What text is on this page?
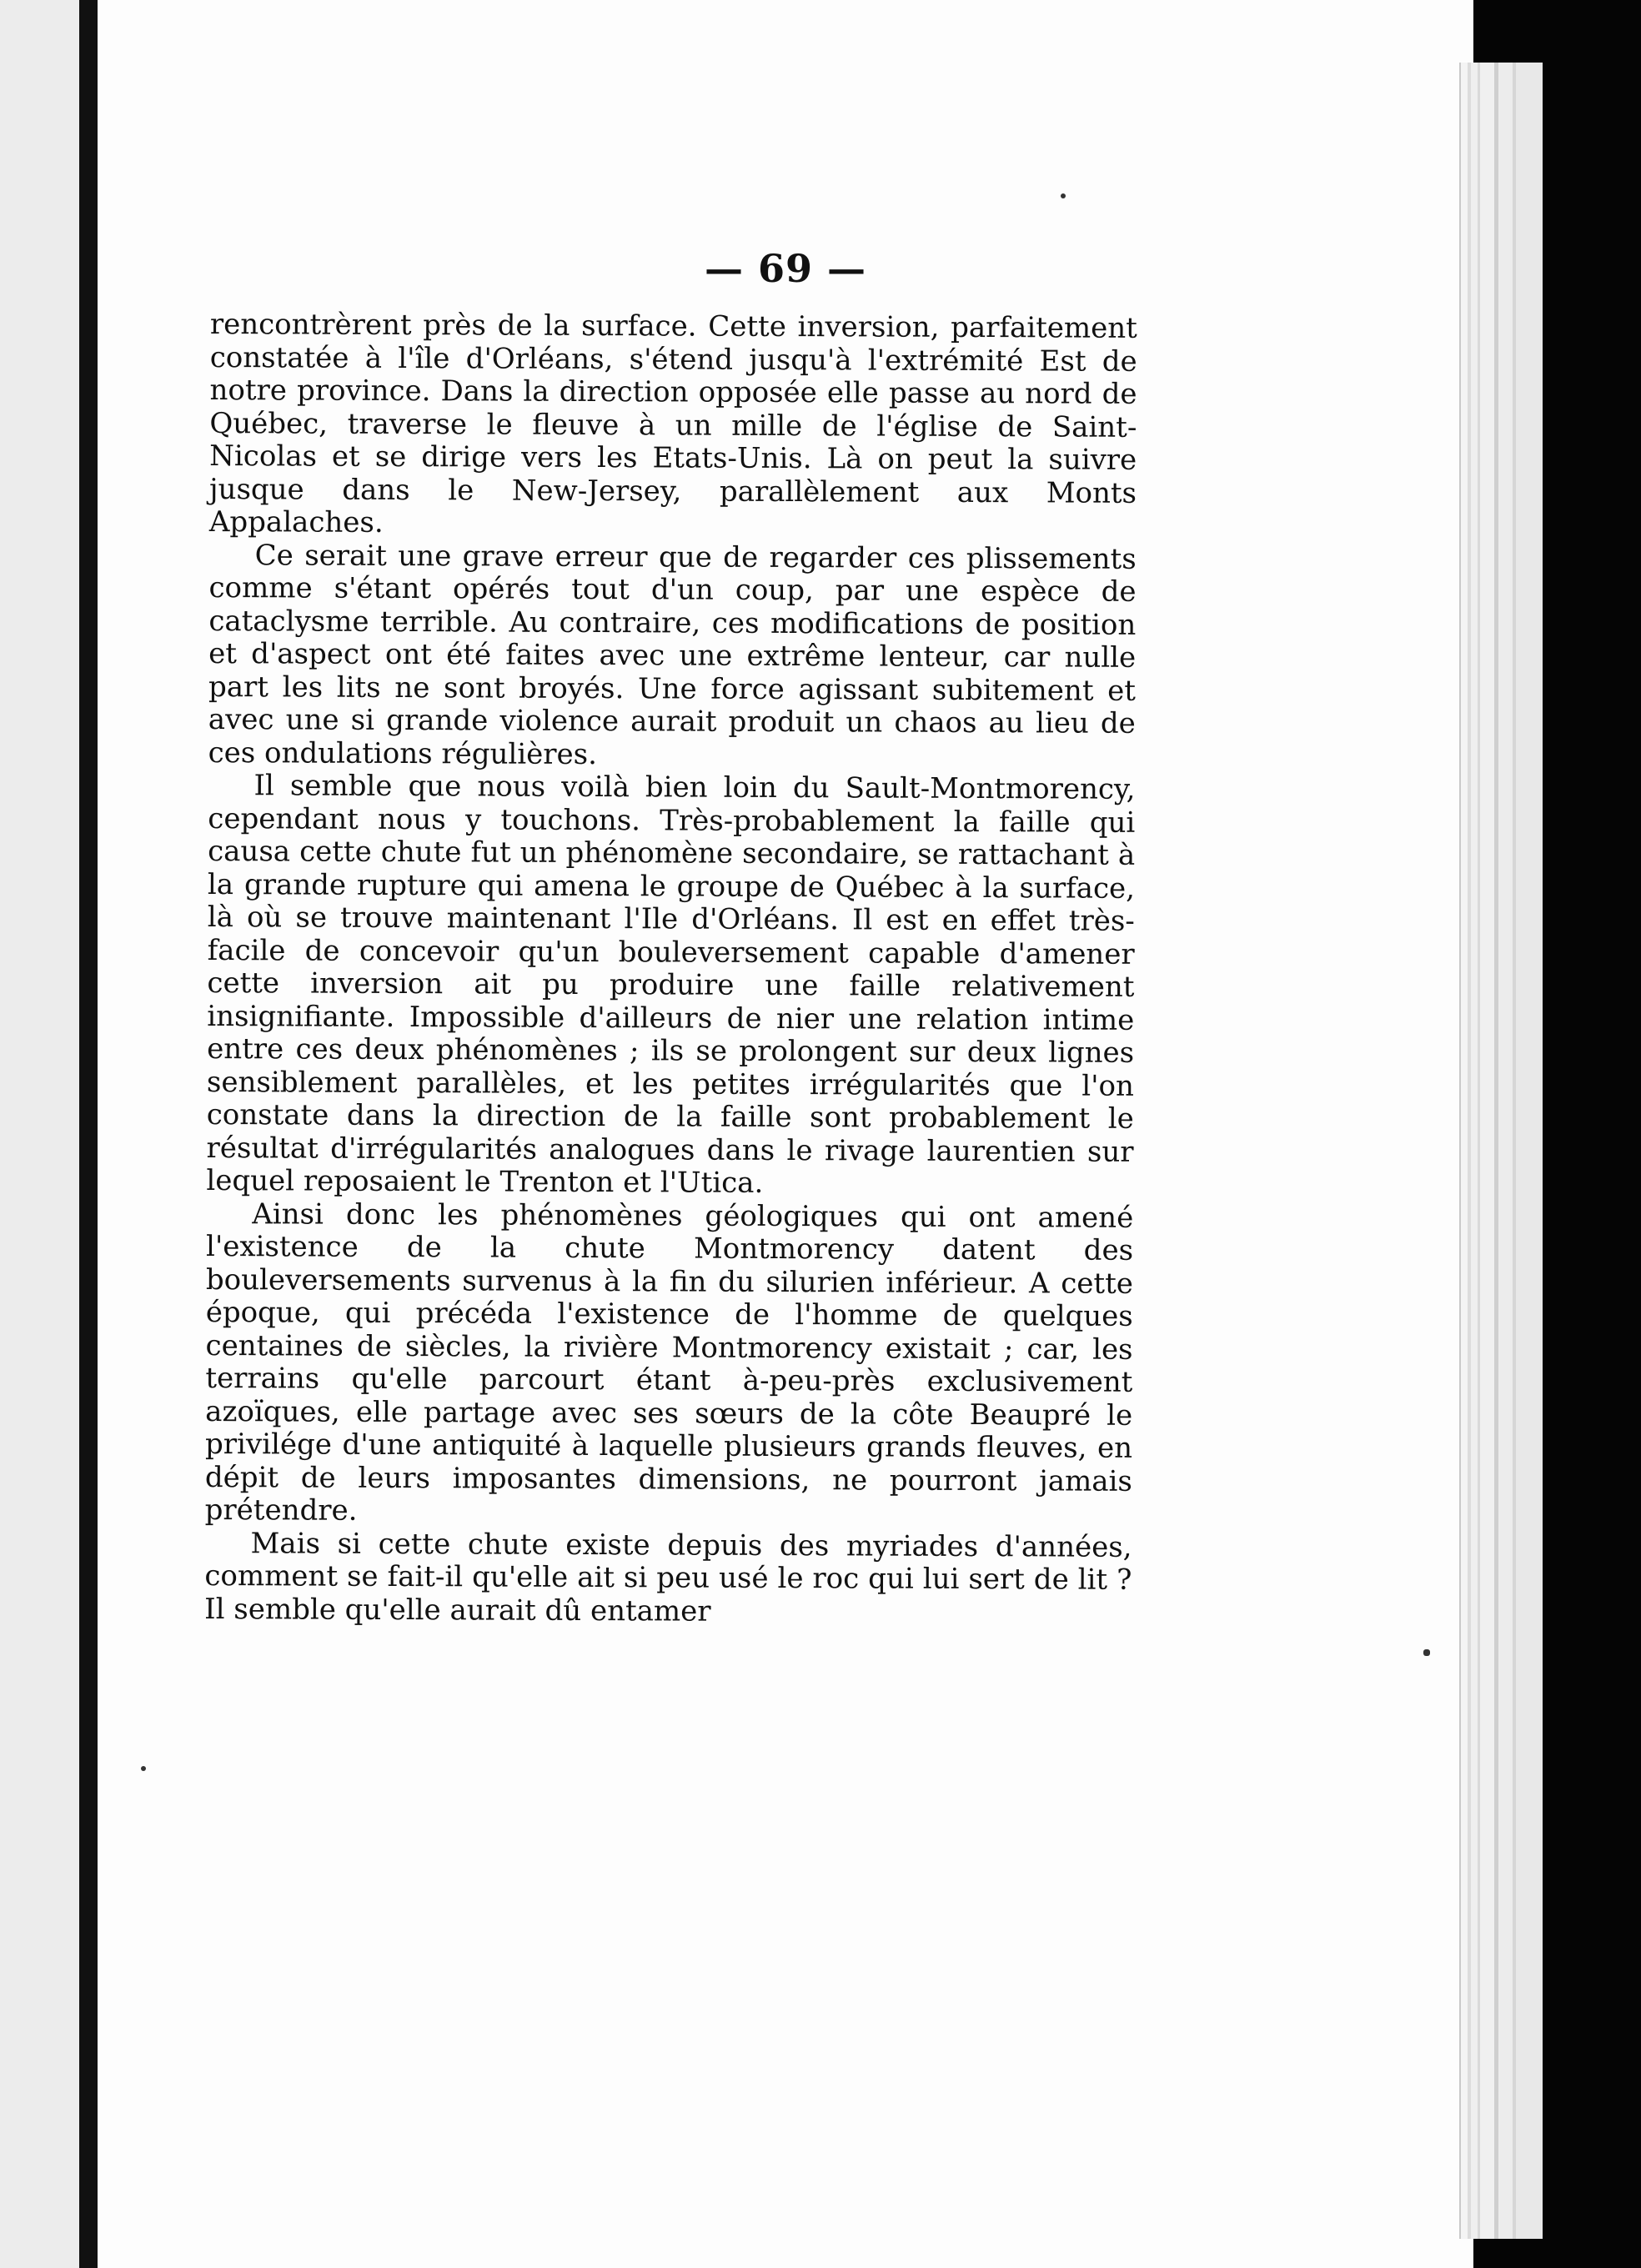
— 69 —

rencontrèrent près de la surface. Cette inversion, parfaitement constatée à l'île d'Orléans, s'étend jusqu'à l'extrémité Est de notre province. Dans la direction opposée elle passe au nord de Québec, traverse le fleuve à un mille de l'église de Saint-Nicolas et se dirige vers les Etats-Unis. Là on peut la suivre jusque dans le New-Jersey, parallèlement aux Monts Appalaches.

Ce serait une grave erreur que de regarder ces plissements comme s'étant opérés tout d'un coup, par une espèce de cataclysme terrible. Au contraire, ces modifications de position et d'aspect ont été faites avec une extrême lenteur, car nulle part les lits ne sont broyés. Une force agissant subitement et avec une si grande violence aurait produit un chaos au lieu de ces ondulations régulières.

Il semble que nous voilà bien loin du Sault-Montmorency, cependant nous y touchons. Très-probablement la faille qui causa cette chute fut un phénomène secondaire, se rattachant à la grande rupture qui amena le groupe de Québec à la surface, là où se trouve maintenant l'Ile d'Orléans. Il est en effet très-facile de concevoir qu'un bouleversement capable d'amener cette inversion ait pu produire une faille relativement insignifiante. Impossible d'ailleurs de nier une relation intime entre ces deux phénomènes ; ils se prolongent sur deux lignes sensiblement parallèles, et les petites irrégularités que l'on constate dans la direction de la faille sont probablement le résultat d'irrégularités analogues dans le rivage laurentien sur lequel reposaient le Trenton et l'Utica.

Ainsi donc les phénomènes géologiques qui ont amené l'existence de la chute Montmorency datent des bouleversements survenus à la fin du silurien inférieur. A cette époque, qui précéda l'existence de l'homme de quelques centaines de siècles, la rivière Montmorency existait ; car, les terrains qu'elle parcourt étant à-peu-près exclusivement azoïques, elle partage avec ses sœurs de la côte Beaupré le privilége d'une antiquité à laquelle plusieurs grands fleuves, en dépit de leurs imposantes dimensions, ne pourront jamais prétendre.

Mais si cette chute existe depuis des myriades d'années, comment se fait-il qu'elle ait si peu usé le roc qui lui sert de lit ? Il semble qu'elle aurait dû entamer
